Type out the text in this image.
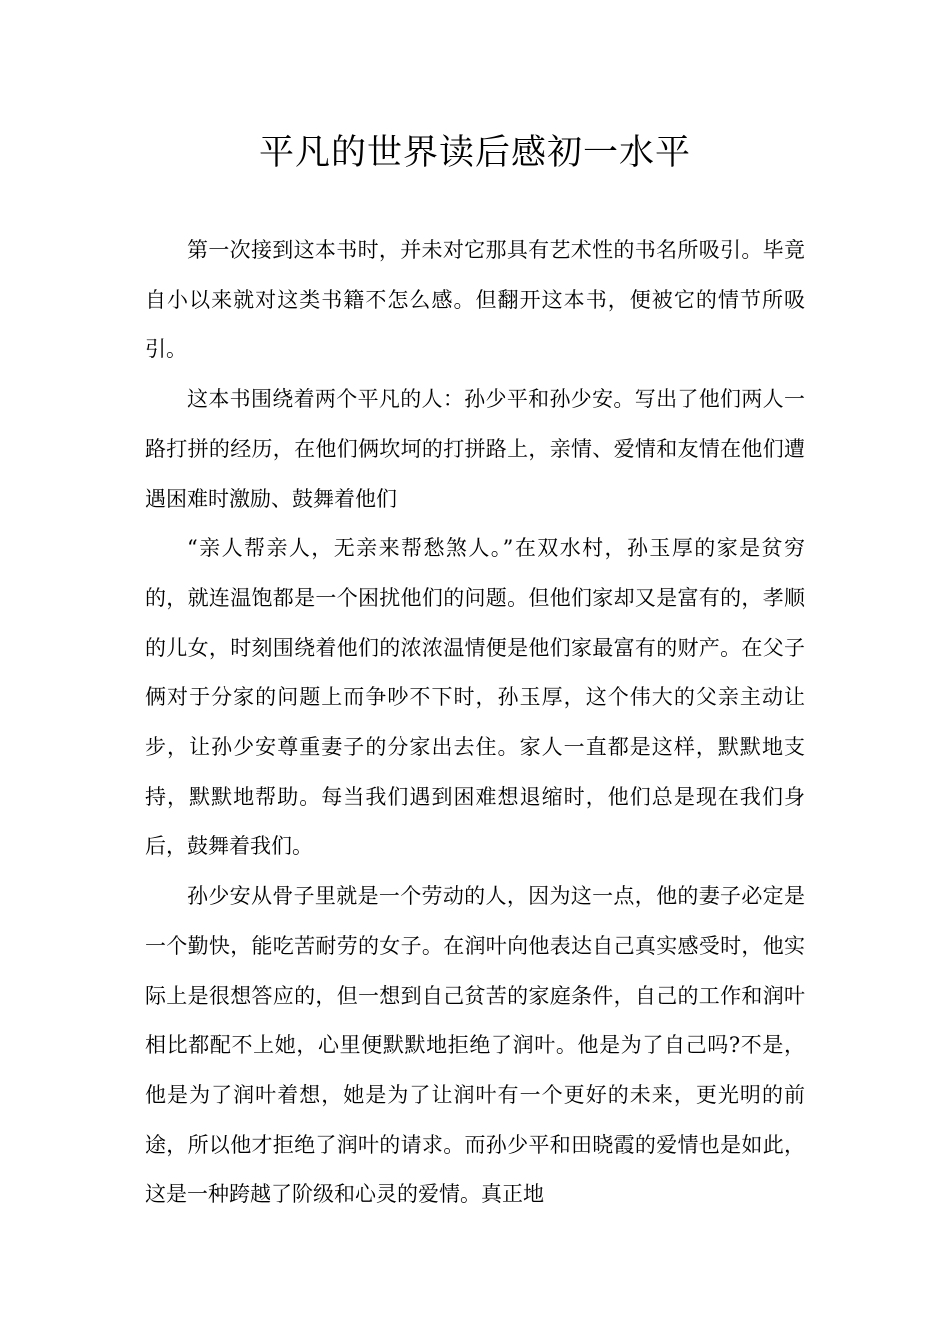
平凡的世界读后感初一水平

第一次接到这本书时，并未对它那具有艺术性的书名所吸引。毕竟自小以来就对这类书籍不怎么感。但翻开这本书，便被它的情节所吸引。

这本书围绕着两个平凡的人：孙少平和孙少安。写出了他们两人一路打拼的经历，在他们俩坎坷的打拼路上，亲情、爱情和友情在他们遭遇困难时激励、鼓舞着他们

“亲人帮亲人，无亲来帮愁煞人。”在双水村，孙玉厚的家是贫穷的，就连温饱都是一个困扰他们的问题。但他们家却又是富有的，孝顺的儿女，时刻围绕着他们的浓浓温情便是他们家最富有的财产。在父子俩对于分家的问题上而争吵不下时，孙玉厚，这个伟大的父亲主动让步，让孙少安尊重妻子的分家出去住。家人一直都是这样，默默地支持，默默地帮助。每当我们遇到困难想退缩时，他们总是现在我们身后，鼓舞着我们。

孙少安从骨子里就是一个劳动的人，因为这一点，他的妻子必定是一个勤快，能吃苦耐劳的女子。在润叶向他表达自己真实感受时，他实际上是很想答应的，但一想到自己贫苦的家庭条件，自己的工作和润叶相比都配不上她，心里便默默地拒绝了润叶。他是为了自己吗?不是，他是为了润叶着想，她是为了让润叶有一个更好的未来，更光明的前途，所以他才拒绝了润叶的请求。而孙少平和田晓霞的爱情也是如此，这是一种跨越了阶级和心灵的爱情。真正地
